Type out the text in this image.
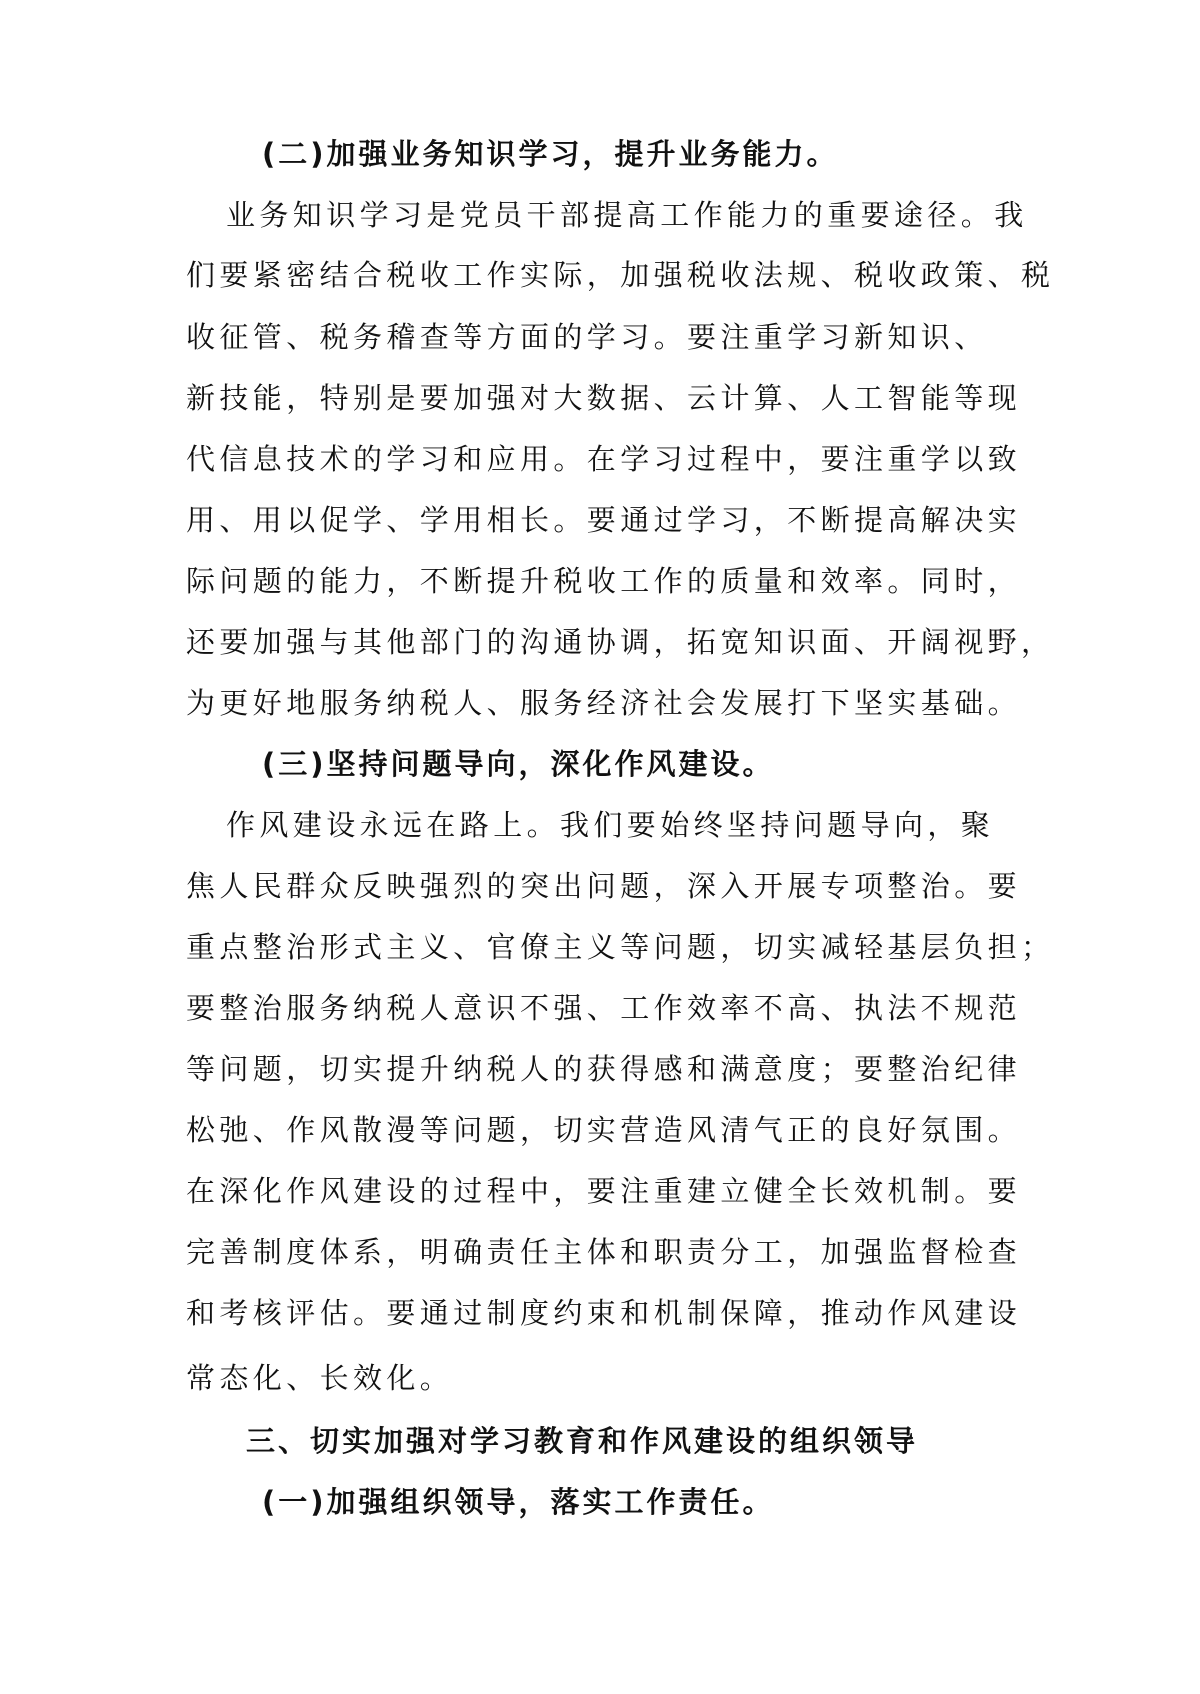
(二)加强业务知识学习，提升业务能力。
业务知识学习是党员干部提高工作能力的重要途径。我
们要紧密结合税收工作实际，加强税收法规、税收政策、税
收征管、税务稽查等方面的学习。要注重学习新知识、
新技能，特别是要加强对大数据、云计算、人工智能等现
代信息技术的学习和应用。在学习过程中，要注重学以致
用、用以促学、学用相长。要通过学习，不断提高解决实
际问题的能力，不断提升税收工作的质量和效率。同时，
还要加强与其他部门的沟通协调，拓宽知识面、开阔视野，
为更好地服务纳税人、服务经济社会发展打下坚实基础。
(三)坚持问题导向，深化作风建设。
作风建设永远在路上。我们要始终坚持问题导向，聚
焦人民群众反映强烈的突出问题，深入开展专项整治。要
重点整治形式主义、官僚主义等问题，切实减轻基层负担；
要整治服务纳税人意识不强、工作效率不高、执法不规范
等问题，切实提升纳税人的获得感和满意度；要整治纪律
松弛、作风散漫等问题，切实营造风清气正的良好氛围。
在深化作风建设的过程中，要注重建立健全长效机制。要
完善制度体系，明确责任主体和职责分工，加强监督检查
和考核评估。要通过制度约束和机制保障，推动作风建设
常态化、长效化。
三、切实加强对学习教育和作风建设的组织领导
(一)加强组织领导，落实工作责任。
